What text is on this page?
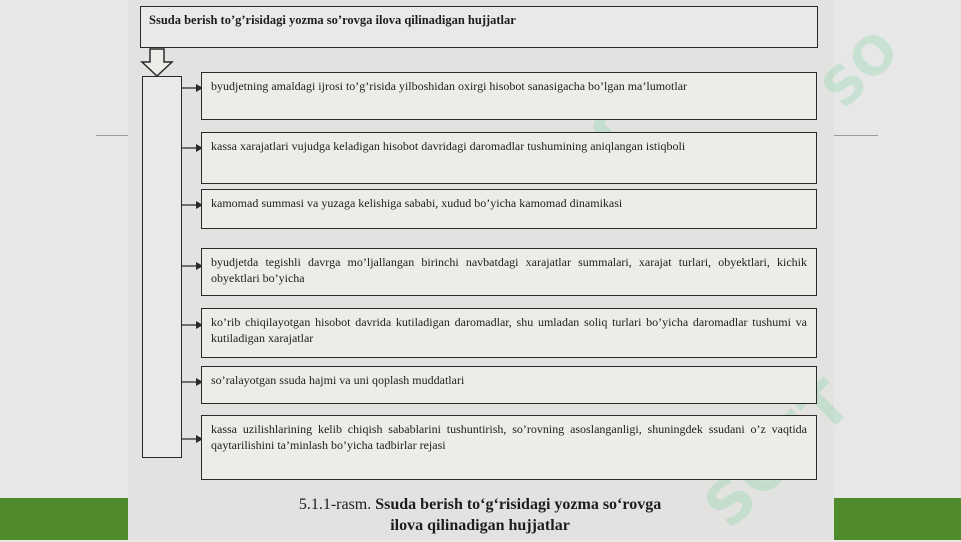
SO
Ssuda berish to’g’risidagi yozma so’rovga ilova qilinadigan hujjatlar
byudjetning amaldagi ijrosi to’g’risida yilboshidan oxirgi hisobot sanasigacha bo’lgan ma’lumotlar
kassa xarajatlari vujudga keladigan hisobot davridagi daromadlar tushumining aniqlangan istiqboli
kamomad summasi va yuzaga kelishiga sababi, xudud bo’yicha kamomad dinamikasi
byudjetda tegishli davrga mo’ljallangan birinchi navbatdagi xarajatlar summalari, xarajat turlari, obyektlari, kichik obyektlari bo’yicha
ko’rib chiqilayotgan hisobot davrida kutiladigan daromadlar, shu umladan soliq turlari bo’yicha daromadlar tushumi va kutiladigan xarajatlar
so’ralayotgan ssuda hajmi va uni qoplash muddatlari
kassa uzilishlarining kelib chiqish sabablarini tushuntirish, so’rovning asoslanganligi, shuningdek ssudani o’z vaqtida qaytarilishini ta’minlash bo’yicha tadbirlar rejasi
5.1.1-rasm. Ssuda berish to‘g‘risidagi yozma so‘rovga
ilova qilinadigan hujjatlar
